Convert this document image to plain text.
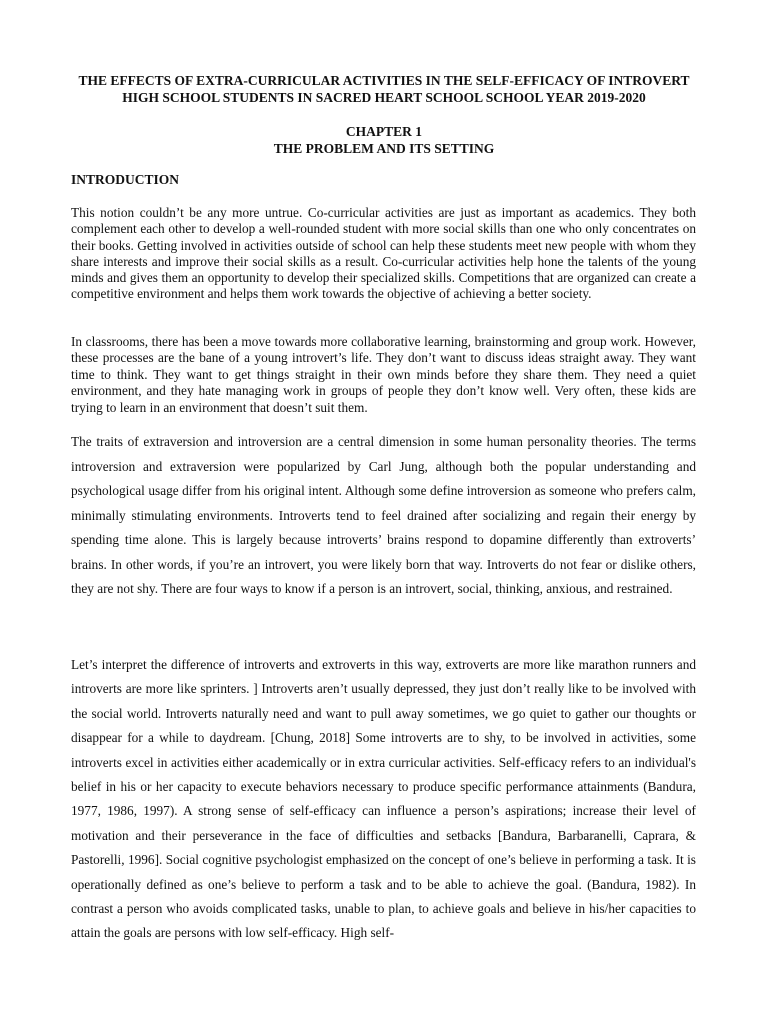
THE EFFECTS OF EXTRA-CURRICULAR ACTIVITIES IN THE SELF-EFFICACY OF INTROVERT HIGH SCHOOL STUDENTS IN SACRED HEART SCHOOL SCHOOL YEAR 2019-2020
CHAPTER 1
THE PROBLEM AND ITS SETTING
INTRODUCTION

This notion couldn’t be any more untrue. Co-curricular activities are just as important as academics. They both complement each other to develop a well-rounded student with more social skills than one who only concentrates on their books. Getting involved in activities outside of school can help these students meet new people with whom they share interests and improve their social skills as a result. Co-curricular activities help hone the talents of the young minds and gives them an opportunity to develop their specialized skills. Competitions that are organized can create a competitive environment and helps them work towards the objective of achieving a better society.

In classrooms, there has been a move towards more collaborative learning, brainstorming and group work. However, these processes are the bane of a young introvert’s life. They don’t want to discuss ideas straight away. They want time to think. They want to get things straight in their own minds before they share them. They need a quiet environment, and they hate managing work in groups of people they don’t know well. Very often, these kids are trying to learn in an environment that doesn’t suit them.

The traits of extraversion and introversion are a central dimension in some human personality theories. The terms introversion and extraversion were popularized by Carl Jung, although both the popular understanding and psychological usage differ from his original intent. Although some define introversion as someone who prefers calm, minimally stimulating environments. Introverts tend to feel drained after socializing and regain their energy by spending time alone. This is largely because introverts’ brains respond to dopamine differently than extroverts’ brains. In other words, if you’re an introvert, you were likely born that way. Introverts do not fear or dislike others, they are not shy. There are four ways to know if a person is an introvert, social, thinking, anxious, and restrained.

Let’s interpret the difference of introverts and extroverts in this way, extroverts are more like marathon runners and introverts are more like sprinters. ] Introverts aren’t usually depressed, they just don’t really like to be involved with the social world. Introverts naturally need and want to pull away sometimes, we go quiet to gather our thoughts or disappear for a while to daydream. [Chung, 2018] Some introverts are to shy, to be involved in activities, some introverts excel in activities either academically or in extra curricular activities. Self-efficacy refers to an individual's belief in his or her capacity to execute behaviors necessary to produce specific performance attainments (Bandura, 1977, 1986, 1997). A strong sense of self-efficacy can influence a person’s aspirations; increase their level of motivation and their perseverance in the face of difficulties and setbacks [Bandura, Barbaranelli, Caprara, & Pastorelli, 1996]. Social cognitive psychologist emphasized on the concept of one’s believe in performing a task. It is operationally defined as one’s believe to perform a task and to be able to achieve the goal. (Bandura, 1982). In contrast a person who avoids complicated tasks, unable to plan, to achieve goals and believe in his/her capacities to attain the goals are persons with low self-efficacy. High self-
